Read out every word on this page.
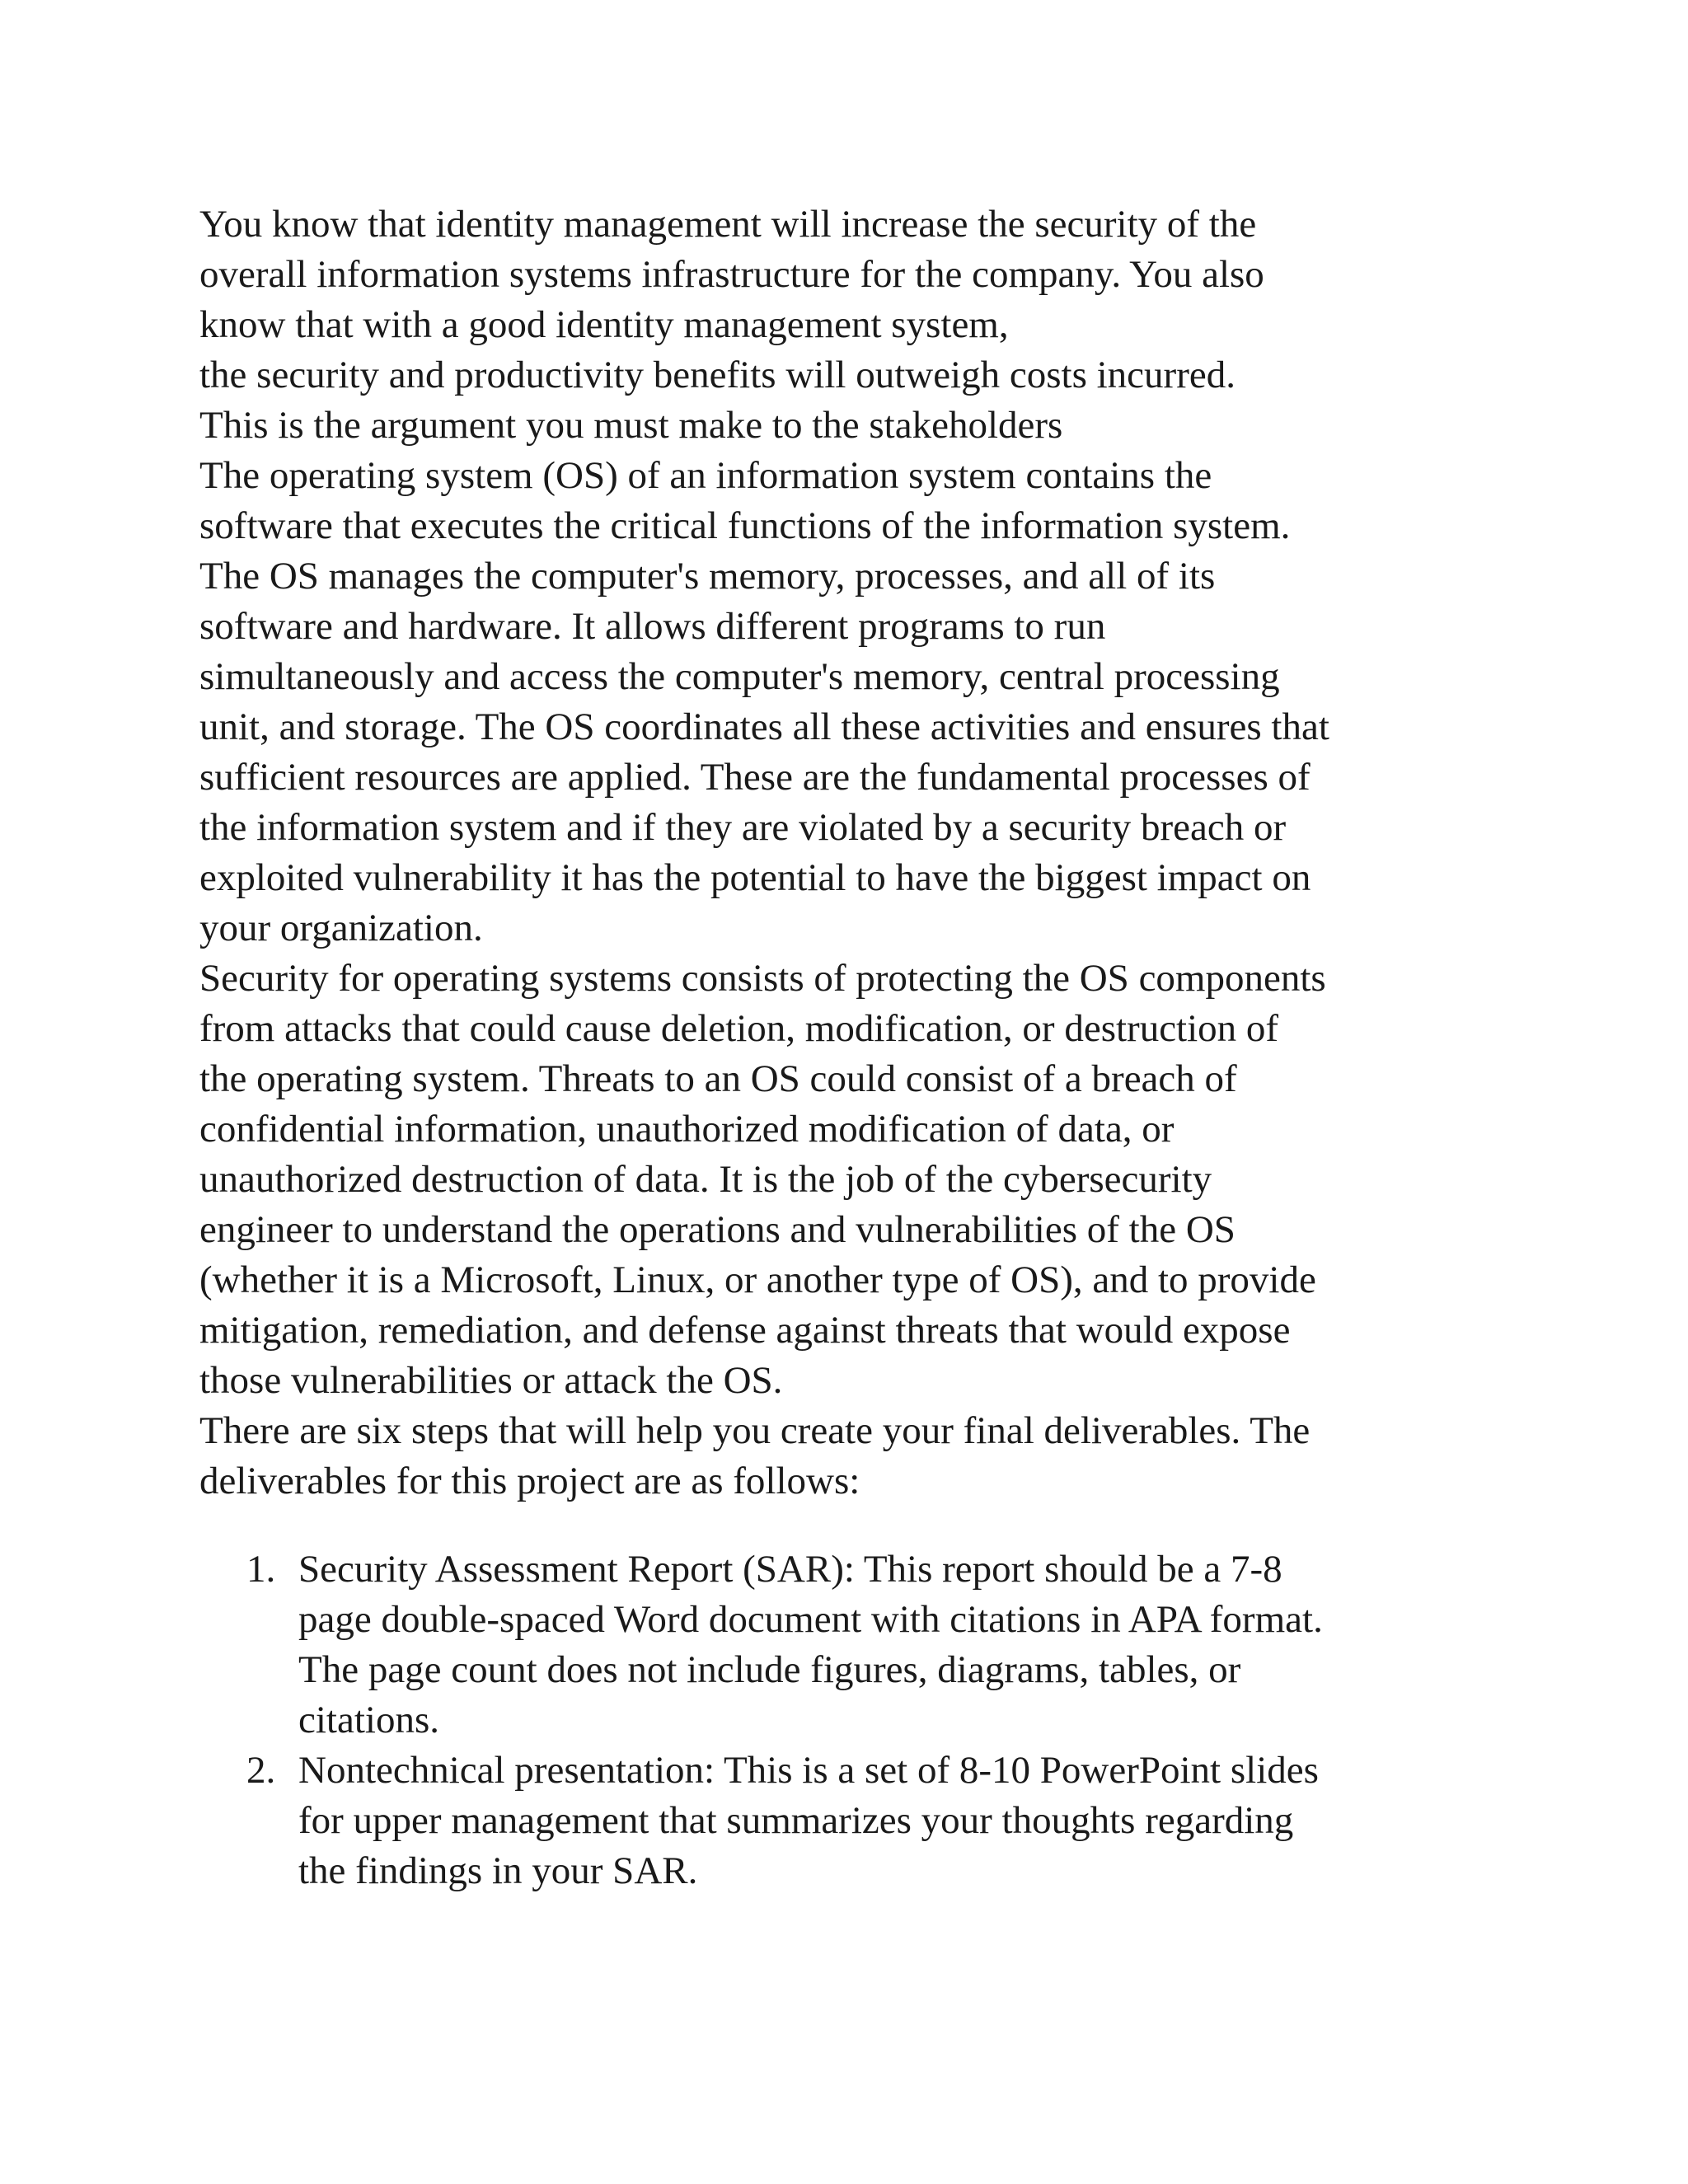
You know that identity management will increase the security of the
overall information systems infrastructure for the company. You also
know that with a good identity management system,
the security and productivity benefits will outweigh costs incurred.
This is the argument you must make to the stakeholders
The operating system (OS) of an information system contains the
software that executes the critical functions of the information system.
The OS manages the computer's memory, processes, and all of its
software and hardware. It allows different programs to run
simultaneously and access the computer's memory, central processing
unit, and storage. The OS coordinates all these activities and ensures that
sufficient resources are applied. These are the fundamental processes of
the information system and if they are violated by a security breach or
exploited vulnerability it has the potential to have the biggest impact on
your organization.
Security for operating systems consists of protecting the OS components
from attacks that could cause deletion, modification, or destruction of
the operating system. Threats to an OS could consist of a breach of
confidential information, unauthorized modification of data, or
unauthorized destruction of data. It is the job of the cybersecurity
engineer to understand the operations and vulnerabilities of the OS
(whether it is a Microsoft, Linux, or another type of OS), and to provide
mitigation, remediation, and defense against threats that would expose
those vulnerabilities or attack the OS.
There are six steps that will help you create your final deliverables. The
deliverables for this project are as follows:
1. Security Assessment Report (SAR): This report should be a 7-8
page double-spaced Word document with citations in APA format.
The page count does not include figures, diagrams, tables, or
citations.
2. Nontechnical presentation: This is a set of 8-10 PowerPoint slides
for upper management that summarizes your thoughts regarding
the findings in your SAR.
